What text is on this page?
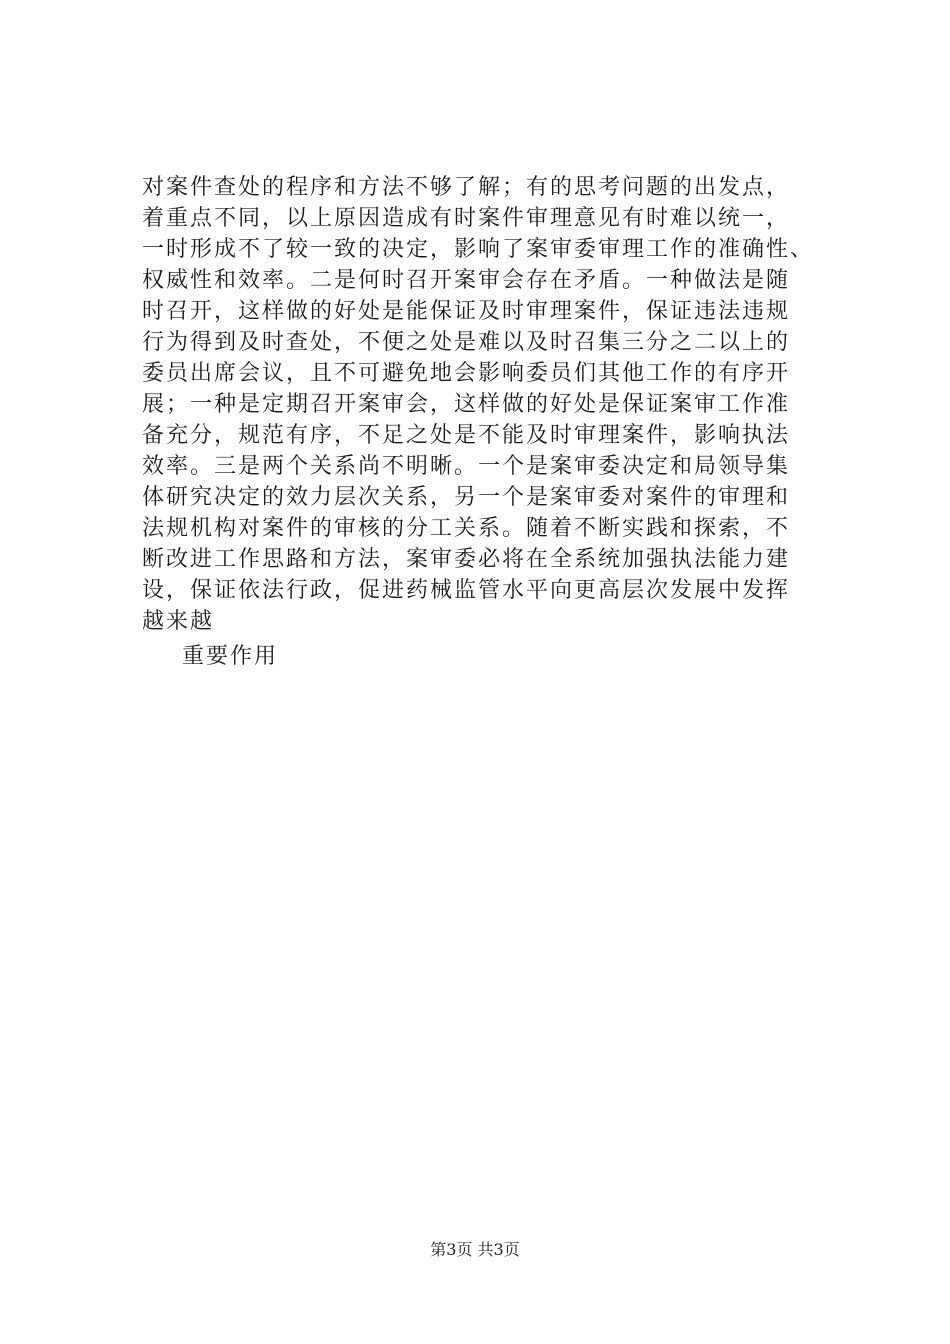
对案件查处的程序和方法不够了解；有的思考问题的出发点，
着重点不同，以上原因造成有时案件审理意见有时难以统一，
一时形成不了较一致的决定，影响了案审委审理工作的准确性、
权威性和效率。二是何时召开案审会存在矛盾。一种做法是随
时召开，这样做的好处是能保证及时审理案件，保证违法违规
行为得到及时查处，不便之处是难以及时召集三分之二以上的
委员出席会议，且不可避免地会影响委员们其他工作的有序开
展；一种是定期召开案审会，这样做的好处是保证案审工作准
备充分，规范有序，不足之处是不能及时审理案件，影响执法
效率。三是两个关系尚不明晰。一个是案审委决定和局领导集
体研究决定的效力层次关系，另一个是案审委对案件的审理和
法规机构对案件的审核的分工关系。随着不断实践和探索，不
断改进工作思路和方法，案审委必将在全系统加强执法能力建
设，保证依法行政，促进药械监管水平向更高层次发展中发挥
越来越
重要作用
第3页 共3页
